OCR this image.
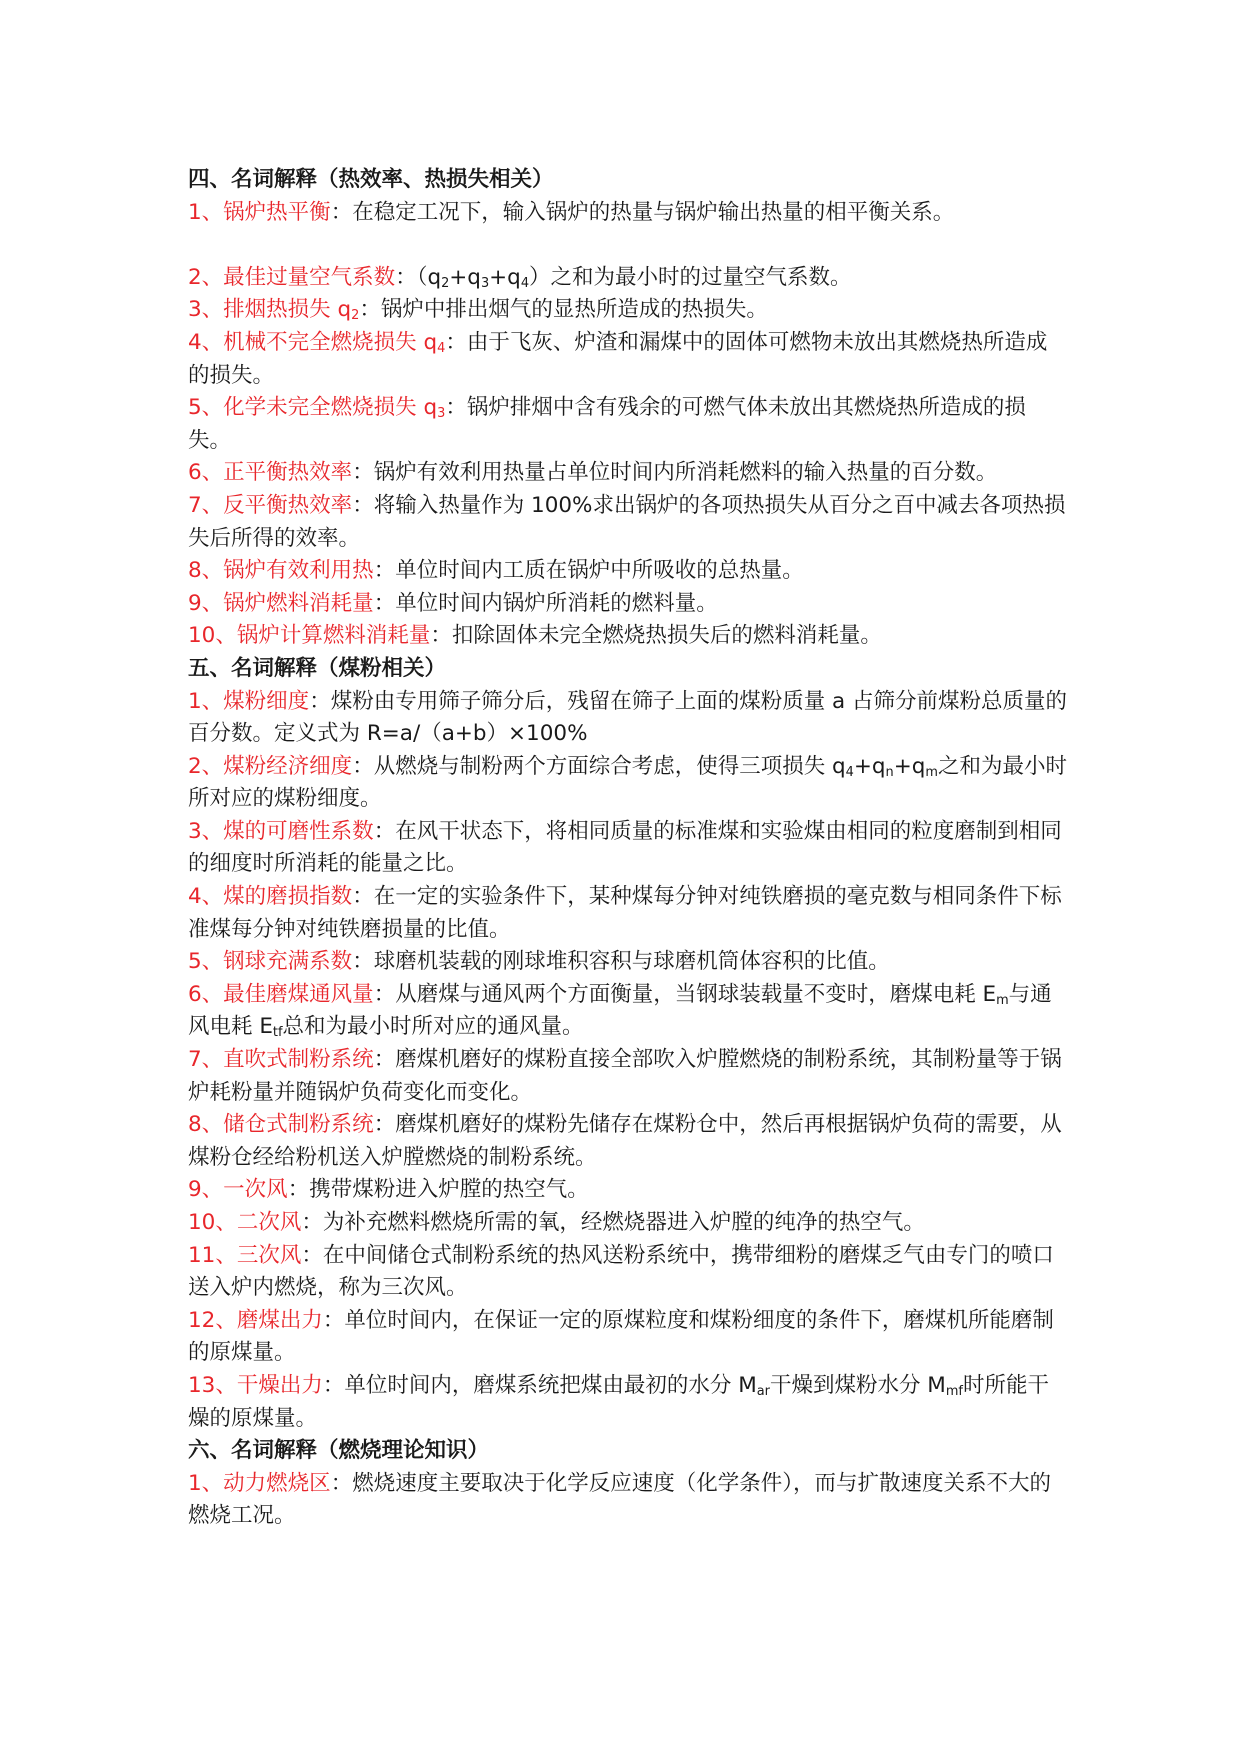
四、名词解释（热效率、热损失相关）
1、锅炉热平衡：在稳定工况下，输入锅炉的热量与锅炉输出热量的相平衡关系。
2、最佳过量空气系数：$(q_2+q_3+q_4)$之和为最小时的过量空气系数。
3、排烟热损失 $q_2$：锅炉中排出烟气的显热所造成的热损失。
4、机械不完全燃烧损失 $q_4$：由于飞灰、炉渣和漏煤中的固体可燃物未放出其燃烧热所造成的损失。
5、化学未完全燃烧损失 $q_3$：锅炉排烟中含有残余的可燃气体未放出其燃烧热所造成的损失。
6、正平衡热效率：锅炉有效利用热量占单位时间内所消耗燃料的输入热量的百分数。
7、反平衡热效率：将输入热量作为 100%求出锅炉的各项热损失从百分之百中减去各项热损失后所得的效率。
8、锅炉有效利用热：单位时间内工质在锅炉中所吸收的总热量。
9、锅炉燃料消耗量：单位时间内锅炉所消耗的燃料量。
10、锅炉计算燃料消耗量：扣除固体未完全燃烧热损失后的燃料消耗量。
五、名词解释（煤粉相关）
1、煤粉细度：煤粉由专用筛子筛分后，残留在筛子上面的煤粉质量 a 占筛分前煤粉总质量的百分数。定义式为 R=a/（a+b）×100%
2、煤粉经济细度：从燃烧与制粉两个方面综合考虑，使得三项损失 $q_4+q_n+q_m$之和为最小时所对应的煤粉细度。
3、煤的可磨性系数：在风干状态下，将相同质量的标准煤和实验煤由相同的粒度磨制到相同的细度时所消耗的能量之比。
4、煤的磨损指数：在一定的实验条件下，某种煤每分钟对纯铁磨损的毫克数与相同条件下标准煤每分钟对纯铁磨损量的比值。
5、钢球充满系数：球磨机装载的刚球堆积容积与球磨机筒体容积的比值。
6、最佳磨煤通风量：从磨煤与通风两个方面衡量，当钢球装载量不变时，磨煤电耗 $E_m$与通风电耗 $E_{tf}$总和为最小时所对应的通风量。
7、直吹式制粉系统：磨煤机磨好的煤粉直接全部吹入炉膛燃烧的制粉系统，其制粉量等于锅炉耗粉量并随锅炉负荷变化而变化。
8、储仓式制粉系统：磨煤机磨好的煤粉先储存在煤粉仓中，然后再根据锅炉负荷的需要，从煤粉仓经给粉机送入炉膛燃烧的制粉系统。
9、一次风：携带煤粉进入炉膛的热空气。
10、二次风：为补充燃料燃烧所需的氧，经燃烧器进入炉膛的纯净的热空气。
11、三次风：在中间储仓式制粉系统的热风送粉系统中，携带细粉的磨煤乏气由专门的喷口送入炉内燃烧，称为三次风。
12、磨煤出力：单位时间内，在保证一定的原煤粒度和煤粉细度的条件下，磨煤机所能磨制的原煤量。
13、干燥出力：单位时间内，磨煤系统把煤由最初的水分 $M_{ar}$干燥到煤粉水分 $M_{mf}$时所能干燥的原煤量。
六、名词解释（燃烧理论知识）
1、动力燃烧区：燃烧速度主要取决于化学反应速度（化学条件），而与扩散速度关系不大的燃烧工况。
